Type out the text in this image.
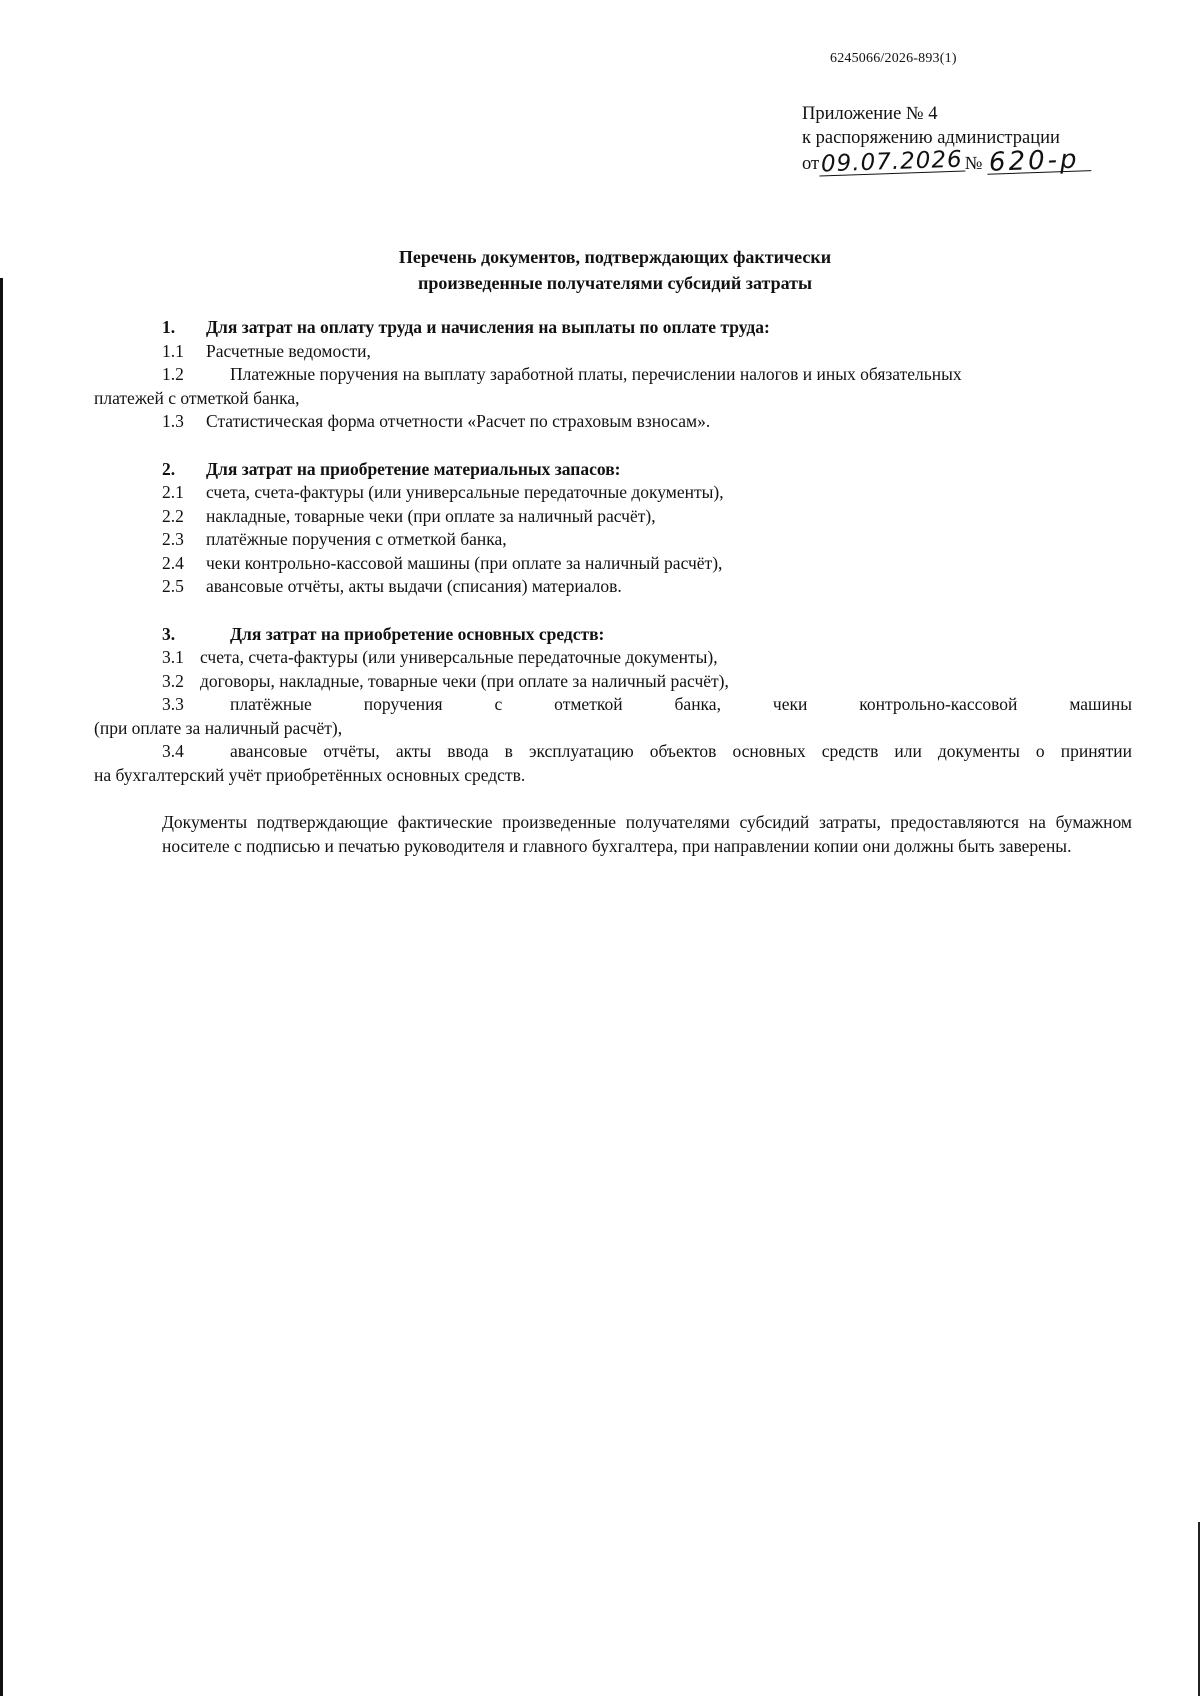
6245066/2026-893(1)
Приложение № 4
к распоряжению администрации
от09.07.2026№ 620-р
Перечень документов, подтверждающих фактически
произведенные получателями субсидий затраты
1. Для затрат на оплату труда и начисления на выплаты по оплате труда:
1.1 Расчетные ведомости,
1.2	Платежные поручения на выплату заработной платы, перечислении налогов и иных обязательных
платежей с отметкой банка,
1.3 Статистическая форма отчетности «Расчет по страховым взносам».
2. Для затрат на приобретение материальных запасов:
2.1 счета, счета-фактуры (или универсальные передаточные документы),
2.2 накладные, товарные чеки (при оплате за наличный расчёт),
2.3 платёжные поручения с отметкой банка,
2.4 чеки контрольно-кассовой машины (при оплате за наличный расчёт),
2.5 авансовые отчёты, акты выдачи (списания) материалов.
3.	Для затрат на приобретение основных средств:
3.1 счета, счета-фактуры (или универсальные передаточные документы),
3.2 договоры, накладные, товарные чеки (при оплате за наличный расчёт),
3.3	платёжные поручения с отметкой банка, чеки контрольно-кассовой машины
(при оплате за наличный расчёт),
3.4	авансовые отчёты, акты ввода в эксплуатацию объектов основных средств или документы о принятии
на бухгалтерский учёт приобретённых основных средств.
Документы подтверждающие фактические произведенные получателями субсидий затраты, предоставляются на бумажном носителе с подписью и печатью руководителя и главного бухгалтера, при направлении копии они должны быть заверены.
